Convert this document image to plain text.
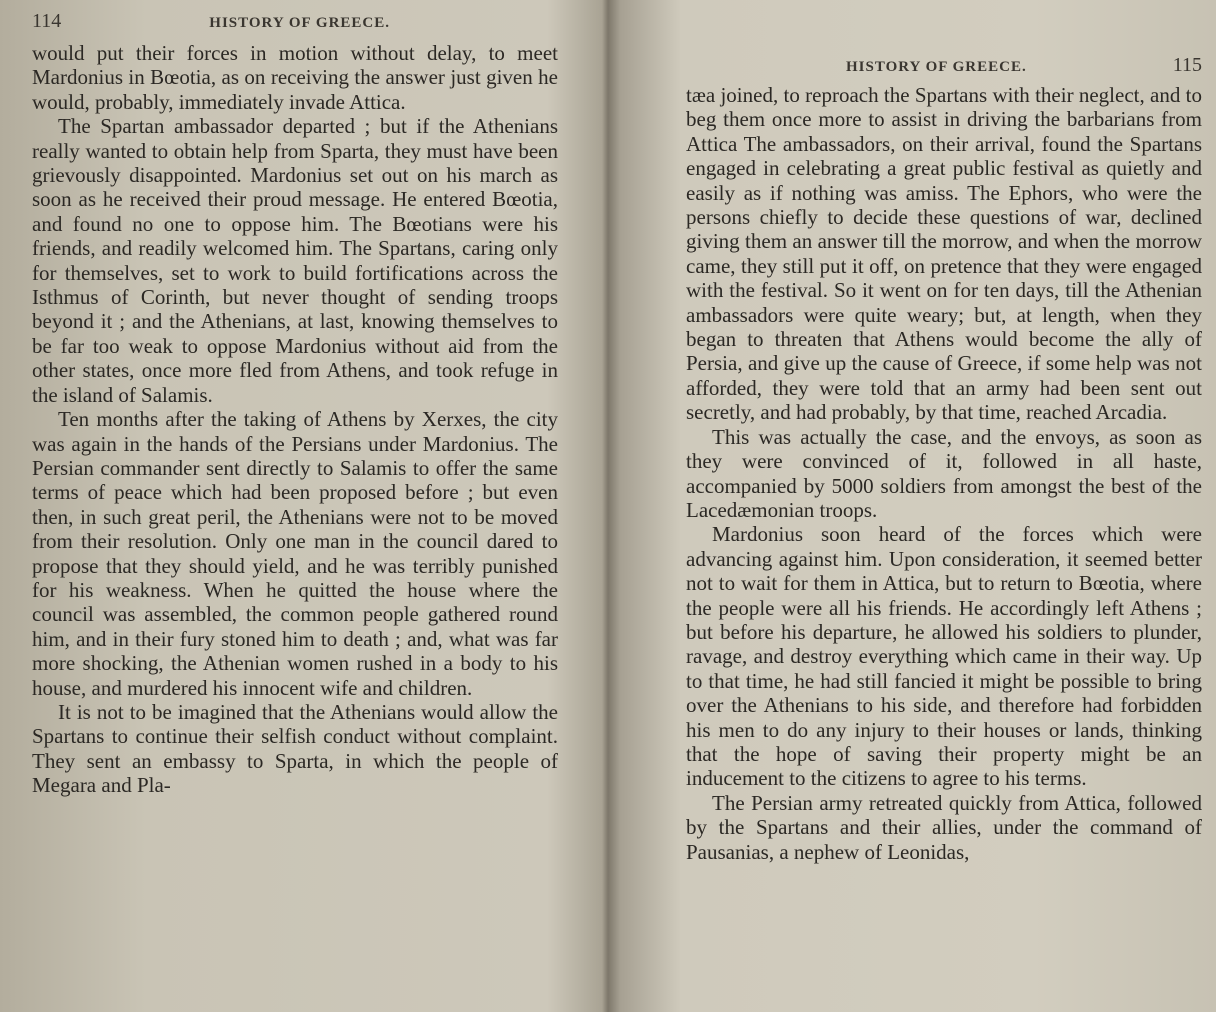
114	HISTORY OF GREECE.

would put their forces in motion without delay, to meet Mardonius in Bœotia, as on receiving the answer just given he would, probably, immediately invade Attica.

The Spartan ambassador departed ; but if the Athenians really wanted to obtain help from Sparta, they must have been grievously disappointed. Mardonius set out on his march as soon as he received their proud message. He entered Bœotia, and found no one to oppose him. The Bœotians were his friends, and readily welcomed him. The Spartans, caring only for themselves, set to work to build fortifications across the Isthmus of Corinth, but never thought of sending troops beyond it ; and the Athenians, at last, knowing themselves to be far too weak to oppose Mardonius without aid from the other states, once more fled from Athens, and took refuge in the island of Salamis.

Ten months after the taking of Athens by Xerxes, the city was again in the hands of the Persians under Mardonius. The Persian commander sent directly to Salamis to offer the same terms of peace which had been proposed before ; but even then, in such great peril, the Athenians were not to be moved from their resolution. Only one man in the council dared to propose that they should yield, and he was terribly punished for his weakness. When he quitted the house where the council was assembled, the common people gathered round him, and in their fury stoned him to death ; and, what was far more shocking, the Athenian women rushed in a body to his house, and murdered his innocent wife and children.

It is not to be imagined that the Athenians would allow the Spartans to continue their selfish conduct without complaint. They sent an embassy to Sparta, in which the people of Megara and Pla-

HISTORY OF GREECE.	115

tæa joined, to reproach the Spartans with their neglect, and to beg them once more to assist in driving the barbarians from Attica The ambassadors, on their arrival, found the Spartans engaged in celebrating a great public festival as quietly and easily as if nothing was amiss. The Ephors, who were the persons chiefly to decide these questions of war, declined giving them an answer till the morrow, and when the morrow came, they still put it off, on pretence that they were engaged with the festival. So it went on for ten days, till the Athenian ambassadors were quite weary; but, at length, when they began to threaten that Athens would become the ally of Persia, and give up the cause of Greece, if some help was not afforded, they were told that an army had been sent out secretly, and had probably, by that time, reached Arcadia.

This was actually the case, and the envoys, as soon as they were convinced of it, followed in all haste, accompanied by 5000 soldiers from amongst the best of the Lacedæmonian troops.

Mardonius soon heard of the forces which were advancing against him. Upon consideration, it seemed better not to wait for them in Attica, but to return to Bœotia, where the people were all his friends. He accordingly left Athens ; but before his departure, he allowed his soldiers to plunder, ravage, and destroy everything which came in their way. Up to that time, he had still fancied it might be possible to bring over the Athenians to his side, and therefore had forbidden his men to do any injury to their houses or lands, thinking that the hope of saving their property might be an inducement to the citizens to agree to his terms.

The Persian army retreated quickly from Attica, followed by the Spartans and their allies, under the command of Pausanias, a nephew of Leonidas,
